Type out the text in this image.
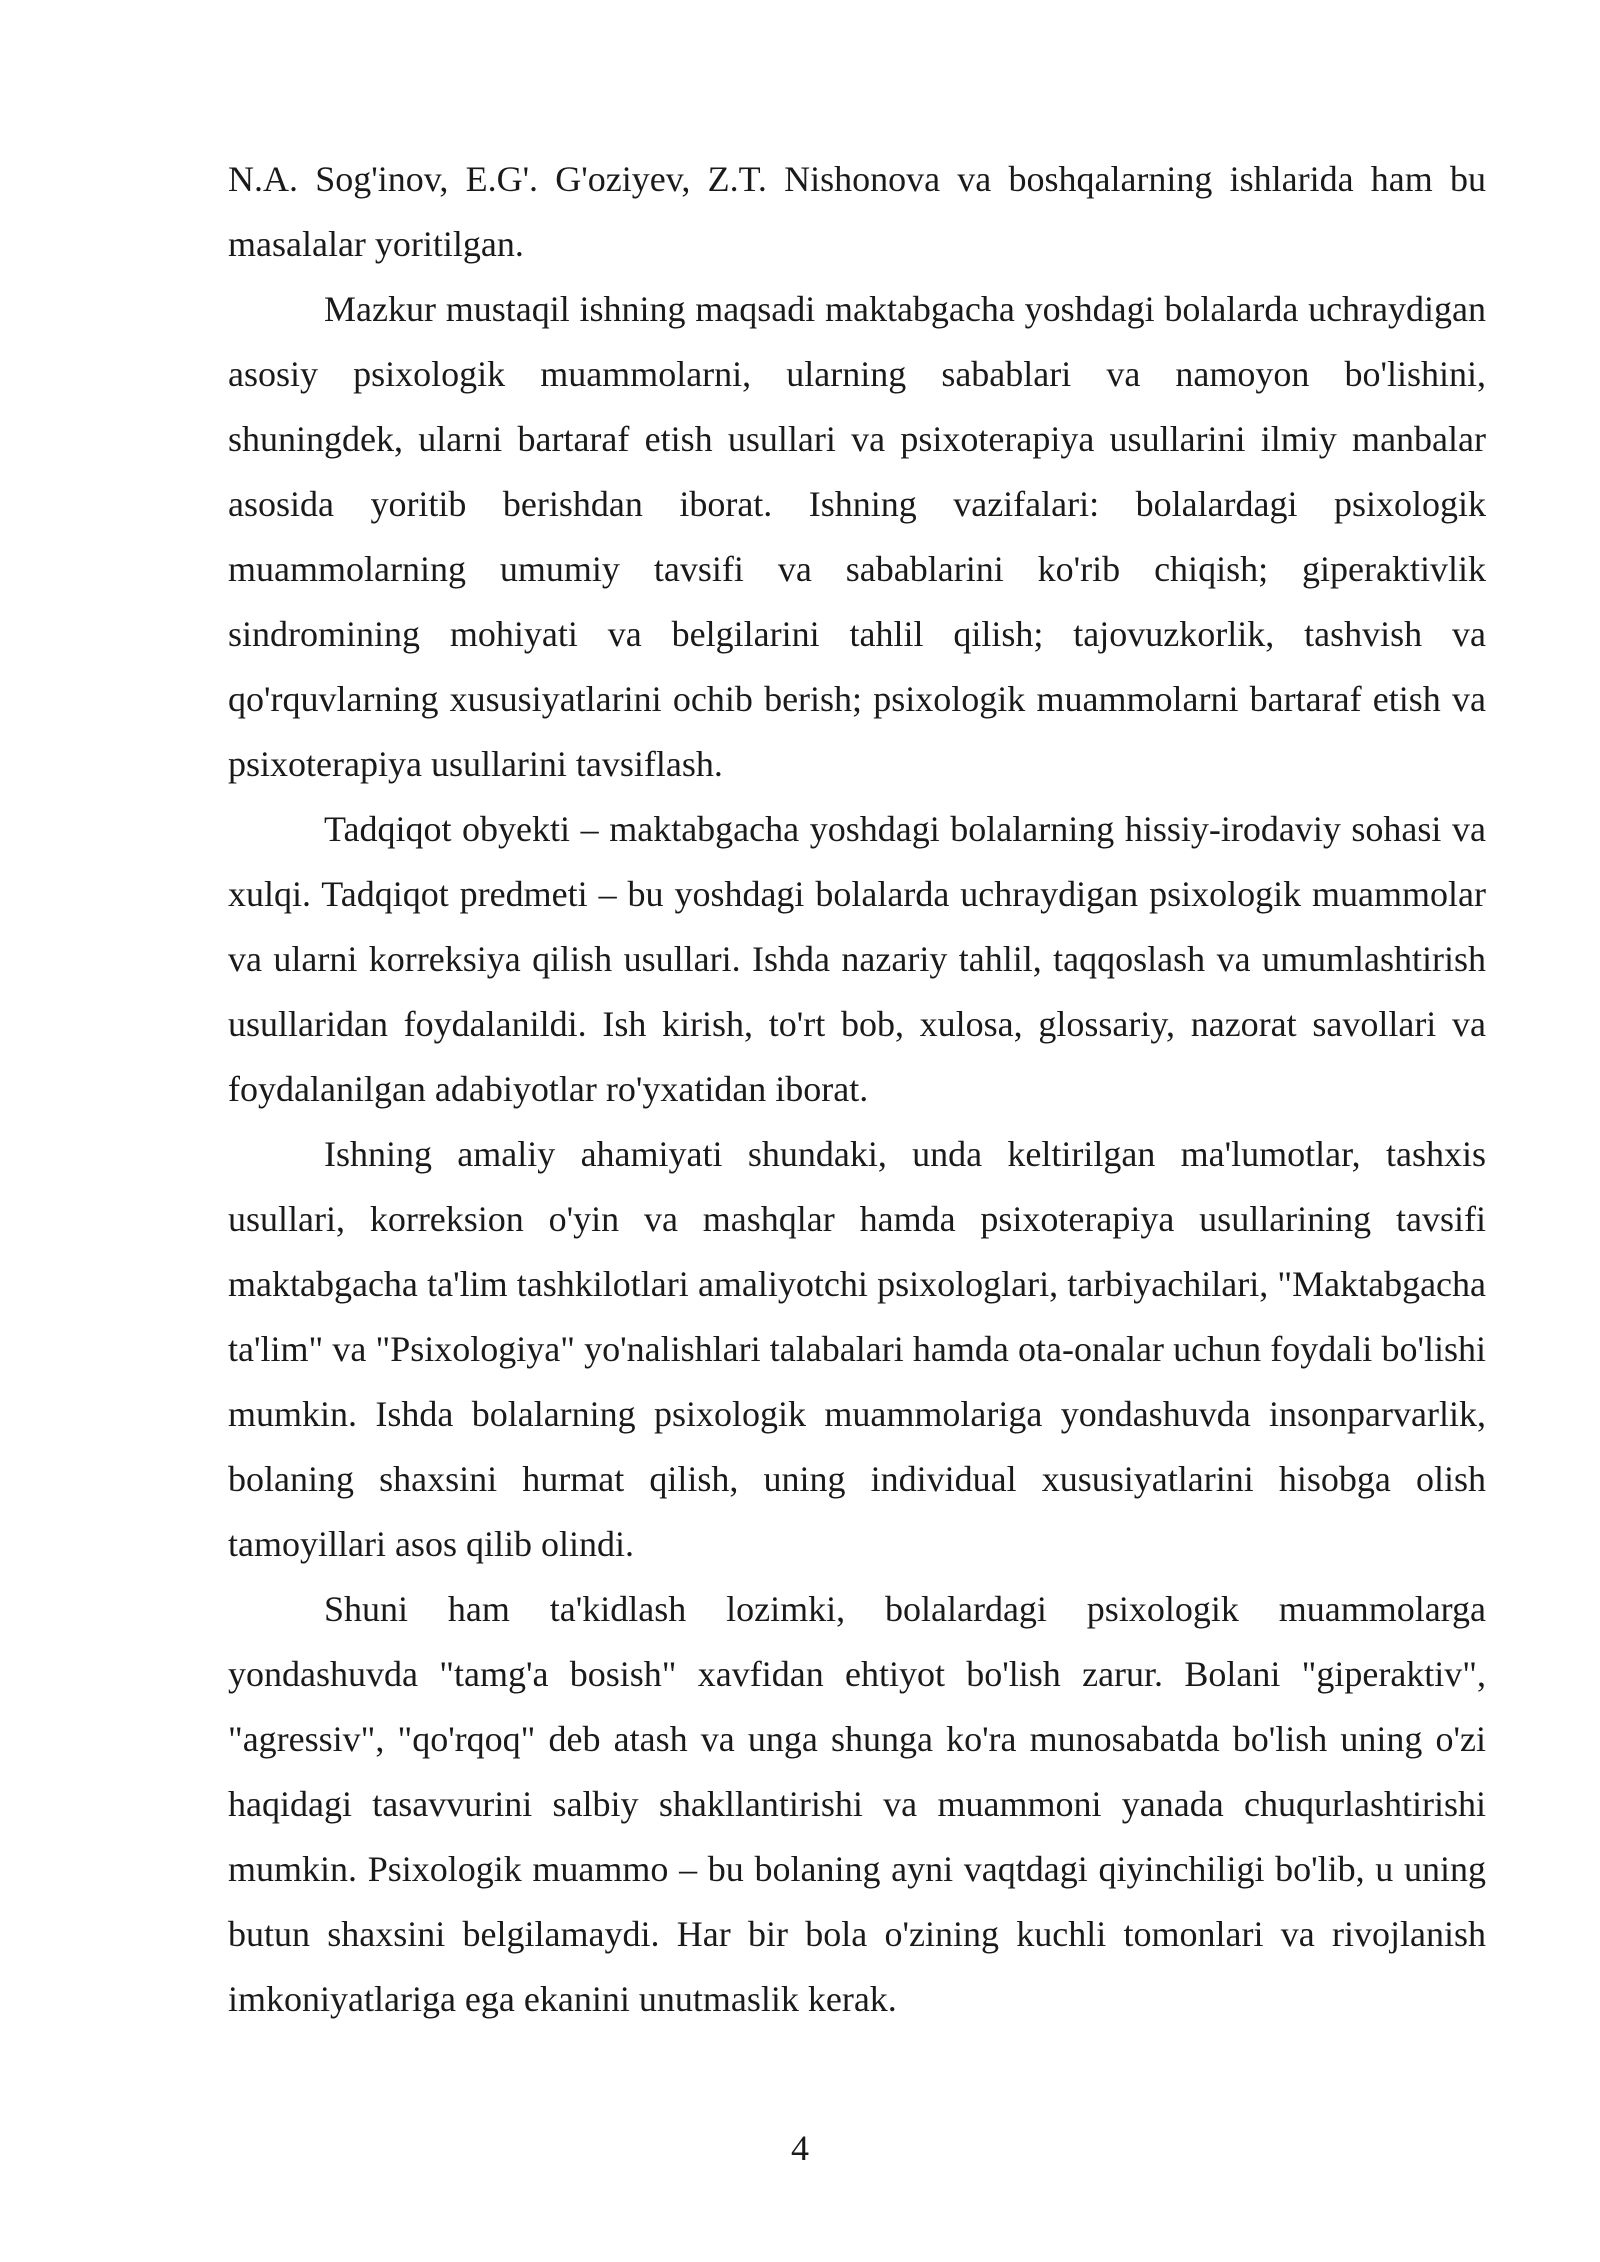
N.A. Sog'inov, E.G'. G'oziyev, Z.T. Nishonova va boshqalarning ishlarida ham bu masalalar yoritilgan.

Mazkur mustaqil ishning maqsadi maktabgacha yoshdagi bolalarda uchraydigan asosiy psixologik muammolarni, ularning sabablari va namoyon bo'lishini, shuningdek, ularni bartaraf etish usullari va psixoterapiya usullarini ilmiy manbalar asosida yoritib berishdan iborat. Ishning vazifalari: bolalardagi psixologik muammolarning umumiy tavsifi va sabablarini ko'rib chiqish; giperaktivlik sindromining mohiyati va belgilarini tahlil qilish; tajovuzkorlik, tashvish va qo'rquvlarning xususiyatlarini ochib berish; psixologik muammolarni bartaraf etish va psixoterapiya usullarini tavsiflash.

Tadqiqot obyekti – maktabgacha yoshdagi bolalarning hissiy-irodaviy sohasi va xulqi. Tadqiqot predmeti – bu yoshdagi bolalarda uchraydigan psixologik muammolar va ularni korreksiya qilish usullari. Ishda nazariy tahlil, taqqoslash va umumlashtirish usullaridan foydalanildi. Ish kirish, to'rt bob, xulosa, glossariy, nazorat savollari va foydalanilgan adabiyotlar ro'yxatidan iborat.

Ishning amaliy ahamiyati shundaki, unda keltirilgan ma'lumotlar, tashxis usullari, korreksion o'yin va mashqlar hamda psixoterapiya usullarining tavsifi maktabgacha ta'lim tashkilotlari amaliyotchi psixologlari, tarbiyachilari, "Maktabgacha ta'lim" va "Psixologiya" yo'nalishlari talabalari hamda ota-onalar uchun foydali bo'lishi mumkin. Ishda bolalarning psixologik muammolariga yondashuvda insonparvarlik, bolaning shaxsini hurmat qilish, uning individual xususiyatlarini hisobga olish tamoyillari asos qilib olindi.

Shuni ham ta'kidlash lozimki, bolalardagi psixologik muammolarga yondashuvda "tamg'a bosish" xavfidan ehtiyot bo'lish zarur. Bolani "giperaktiv", "agressiv", "qo'rqoq" deb atash va unga shunga ko'ra munosabatda bo'lish uning o'zi haqidagi tasavvurini salbiy shakllantirishi va muammoni yanada chuqurlashtirishi mumkin. Psixologik muammo – bu bolaning ayni vaqtdagi qiyinchiligi bo'lib, u uning butun shaxsini belgilamaydi. Har bir bola o'zining kuchli tomonlari va rivojlanish imkoniyatlariga ega ekanini unutmaslik kerak.

4
